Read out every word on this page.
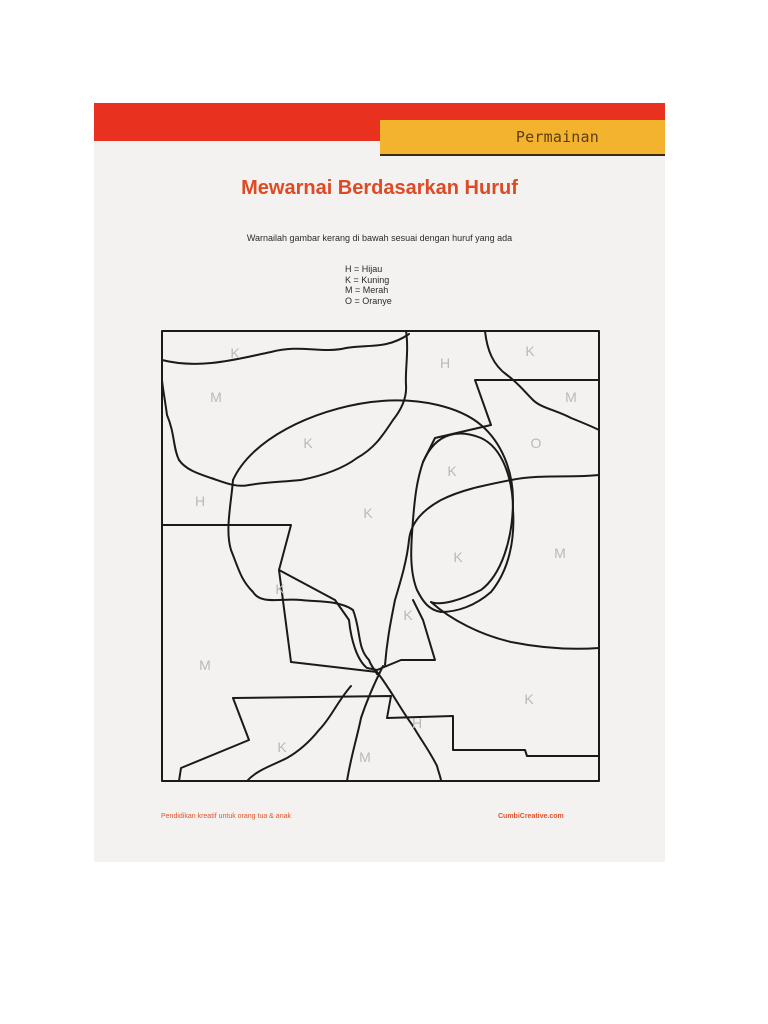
Permainan
Mewarnai Berdasarkan Huruf
Warnailah gambar kerang di bawah sesuai dengan huruf yang ada
H = Hijau
K = Kuning
M = Merah
O = Oranye
K
H
K
M	M
K	O
K
H
K
K	M
K
K
M
K
H
K
M
Pendidikan kreatif untuk orang tua & anak	CumbiCreative.com
